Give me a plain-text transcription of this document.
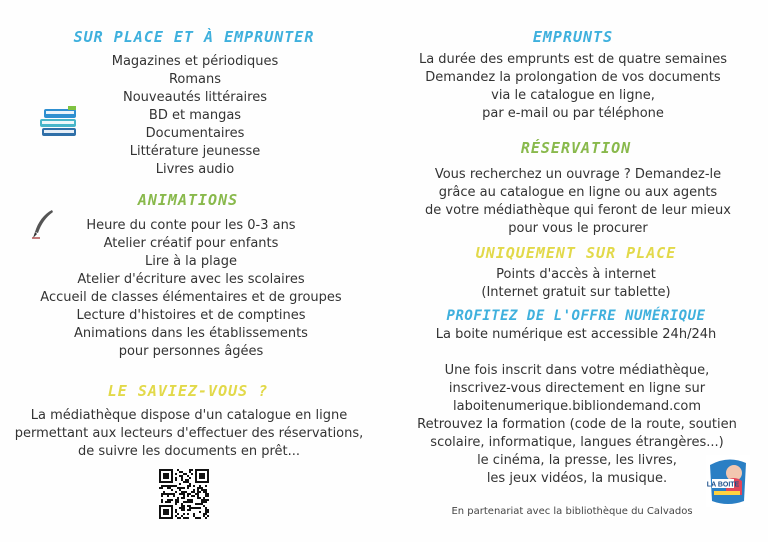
SUR PLACE ET À EMPRUNTER
Magazines et périodiques
Romans
Nouveautés littéraires
BD et mangas
Documentaires
Littérature jeunesse
Livres audio
ANIMATIONS
Heure du conte pour les 0-3 ans
Atelier créatif pour enfants
Lire à la plage
Atelier d'écriture avec les scolaires
Accueil de classes élémentaires et de groupes
Lecture d'histoires et de comptines
Animations dans les établissements
pour personnes âgées
LE SAVIEZ-VOUS ?
La médiathèque dispose d'un catalogue en ligne
permettant aux lecteurs d'effectuer des réservations,
de suivre les documents en prêt...
EMPRUNTS
La durée des emprunts est de quatre semaines
Demandez la prolongation de vos documents
via le catalogue en ligne,
par e-mail ou par téléphone
RÉSERVATION
Vous recherchez un ouvrage ? Demandez-le
grâce au catalogue en ligne ou aux agents
de votre médiathèque qui feront de leur mieux
pour vous le procurer
UNIQUEMENT SUR PLACE
Points d'accès à internet
(Internet gratuit sur tablette)
PROFITEZ DE L'OFFRE NUMÉRIQUE
La boite numérique est accessible 24h/24h
Une fois inscrit dans votre médiathèque,
inscrivez-vous directement en ligne sur
laboitenumerique.bibliondemand.com
Retrouvez la formation (code de la route, soutien
scolaire, informatique, langues étrangères...)
le cinéma, la presse, les livres,
les jeux vidéos, la musique.	LA BOITE
En partenariat avec la bibliothèque du Calvados
